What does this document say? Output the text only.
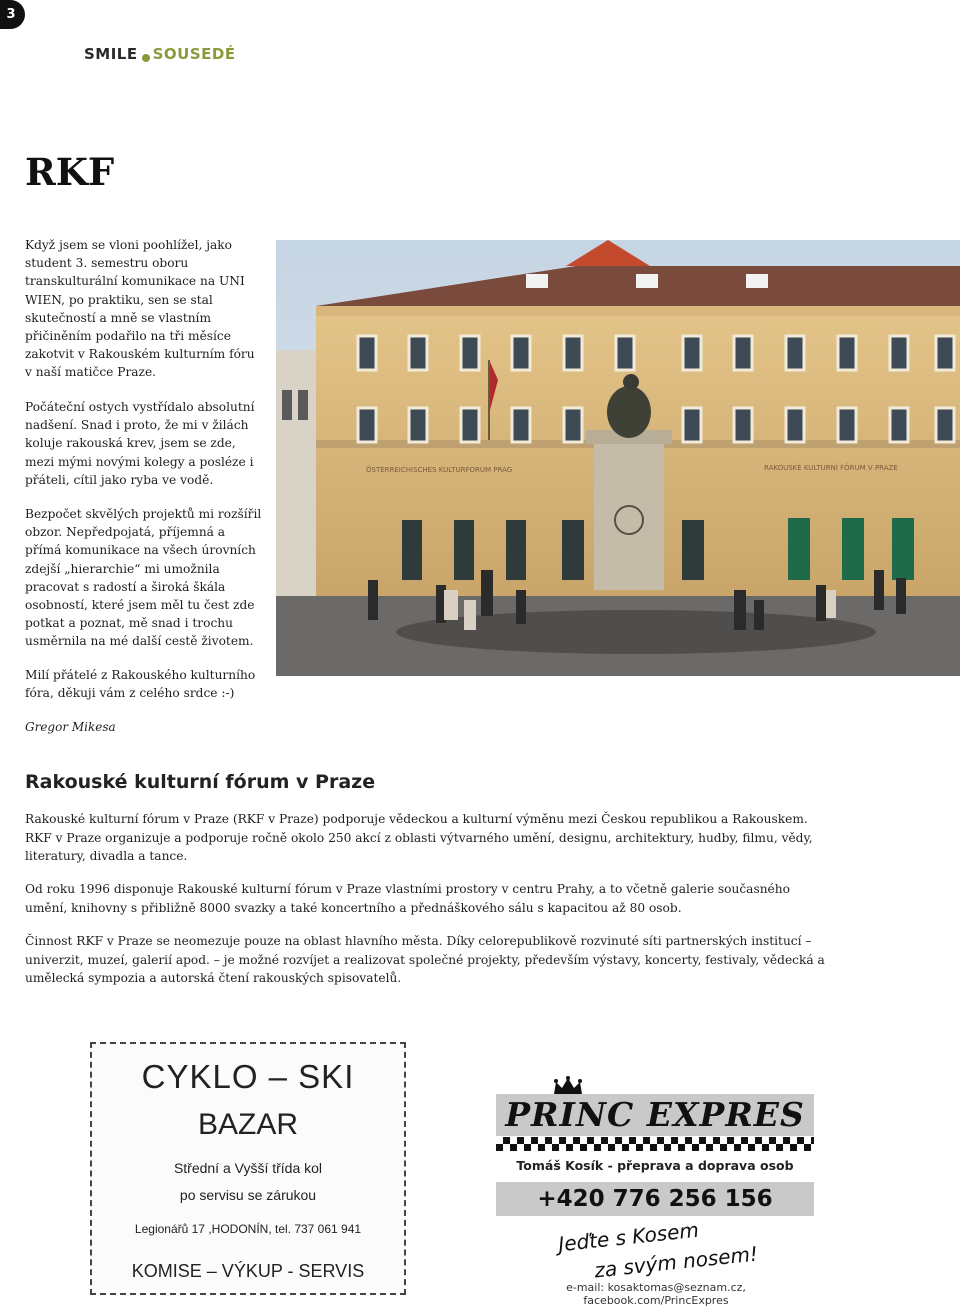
3
SMILE SOUSEDÉ
RKF

Když jsem se vloni poohlížel, jako student 3. semestru oboru transkulturální komunikace na UNI WIEN, po praktiku, sen se stal skutečností a mně se vlastním přičiněním podařilo na tři měsíce zakotvit v Rakouském kulturním fóru v naší matičce Praze.

Počáteční ostych vystřídalo absolutní nadšení. Snad i proto, že mi v žilách koluje rakouská krev, jsem se zde, mezi mými novými kolegy a posléze i přáteli, cítil jako ryba ve vodě.

Bezpočet skvělých projektů mi rozšířil obzor. Nepředpojatá, příjemná a přímá komunikace na všech úrovních zdejší „hierarchie“ mi umožnila pracovat s radostí a široká škála osobností, které jsem měl tu čest zde potkat a poznat, mě snad i trochu usměrnila na mé další cestě životem.

Milí přátelé z Rakouského kulturního fóra, děkuji vám z celého srdce :-)

Gregor Mikesa
ÖSTERREICHISCHES KULTURFORUM PRAG	RAKOUSKÉ KULTURNÍ FÓRUM V PRAZE
Rakouské kulturní fórum v Praze

Rakouské kulturní fórum v Praze (RKF v Praze) podporuje vědeckou a kulturní výměnu mezi Českou republikou a Rakouskem. RKF v Praze organizuje a podporuje ročně okolo 250 akcí z oblasti výtvarného umění, designu, architektury, hudby, filmu, vědy, literatury, divadla a tance.

Od roku 1996 disponuje Rakouské kulturní fórum v Praze vlastními prostory v centru Prahy, a to včetně galerie současného umění, knihovny s přibližně 8000 svazky a také koncertního a přednáškového sálu s kapacitou až 80 osob.

Činnost RKF v Praze se neomezuje pouze na oblast hlavního města. Díky celorepublikově rozvinuté síti partnerských institucí – univerzit, muzeí, galerií apod. – je možné rozvíjet a realizovat společné projekty, především výstavy, koncerty, festivaly, vědecká a umělecká sympozia a autorská čtení rakouských spisovatelů.

CYKLO – SKI
BAZAR
Střední a Vyšší třída kol
po servisu se zárukou
Legionářů 17 ,HODONÍN, tel. 737 061 941
KOMISE – VÝKUP - SERVIS
PRINC EXPRES
Tomáš Kosík - přeprava a doprava osob
+420 776 256 156
Jeďte s Kosem
za svým nosem!
e-mail: kosaktomas@seznam.cz, facebook.com/PrincExpres
